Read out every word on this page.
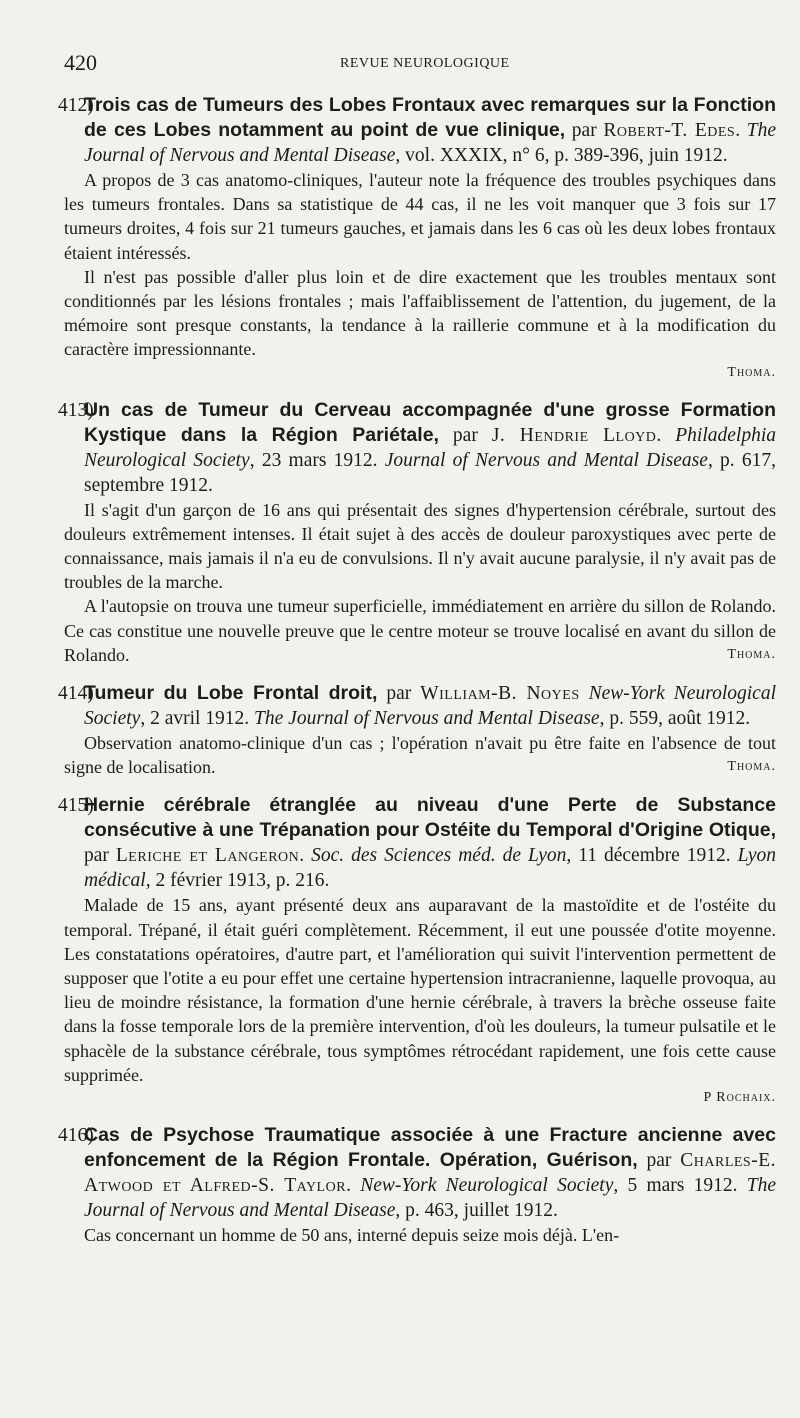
420	REVUE NEUROLOGIQUE

412)
Trois cas de Tumeurs des Lobes Frontaux avec remarques sur la Fonction de ces Lobes notamment au point de vue clinique, par Robert-T. Edes. The Journal of Nervous and Mental Disease, vol. XXXIX, n° 6, p. 389-396, juin 1912.

A propos de 3 cas anatomo-cliniques, l'auteur note la fréquence des troubles psychiques dans les tumeurs frontales. Dans sa statistique de 44 cas, il ne les voit manquer que 3 fois sur 17 tumeurs droites, 4 fois sur 21 tumeurs gauches, et jamais dans les 6 cas où les deux lobes frontaux étaient intéressés.

Il n'est pas possible d'aller plus loin et de dire exactement que les troubles mentaux sont conditionnés par les lésions frontales ; mais l'affaiblissement de l'attention, du jugement, de la mémoire sont presque constants, la tendance à la raillerie commune et à la modification du caractère impressionnante.

Thoma.

413)
Un cas de Tumeur du Cerveau accompagnée d'une grosse Formation Kystique dans la Région Pariétale, par J. Hendrie Lloyd. Philadelphia Neurological Society, 23 mars 1912. Journal of Nervous and Mental Disease, p. 617, septembre 1912.

Il s'agit d'un garçon de 16 ans qui présentait des signes d'hypertension cérébrale, surtout des douleurs extrêmement intenses. Il était sujet à des accès de douleur paroxystiques avec perte de connaissance, mais jamais il n'a eu de convulsions. Il n'y avait aucune paralysie, il n'y avait pas de troubles de la marche.

A l'autopsie on trouva une tumeur superficielle, immédiatement en arrière du sillon de Rolando. Ce cas constitue une nouvelle preuve que le centre moteur se trouve localisé en avant du sillon de Rolando.	Thoma.

414)
Tumeur du Lobe Frontal droit, par William-B. Noyes New-York Neurological Society, 2 avril 1912. The Journal of Nervous and Mental Disease, p. 559, août 1912.

Observation anatomo-clinique d'un cas ; l'opération n'avait pu être faite en l'absence de tout signe de localisation.	Thoma.

415)
Hernie cérébrale étranglée au niveau d'une Perte de Substance consécutive à une Trépanation pour Ostéite du Temporal d'Origine Otique, par Leriche et Langeron. Soc. des Sciences méd. de Lyon, 11 décembre 1912. Lyon médical, 2 février 1913, p. 216.

Malade de 15 ans, ayant présenté deux ans auparavant de la mastoïdite et de l'ostéite du temporal. Trépané, il était guéri complètement. Récemment, il eut une poussée d'otite moyenne. Les constatations opératoires, d'autre part, et l'amélioration qui suivit l'intervention permettent de supposer que l'otite a eu pour effet une certaine hypertension intracranienne, laquelle provoqua, au lieu de moindre résistance, la formation d'une hernie cérébrale, à travers la brèche osseuse faite dans la fosse temporale lors de la première intervention, d'où les douleurs, la tumeur pulsatile et le sphacèle de la substance cérébrale, tous symptômes rétrocédant rapidement, une fois cette cause supprimée.

P Rochaix.

416)
Cas de Psychose Traumatique associée à une Fracture ancienne avec enfoncement de la Région Frontale. Opération, Guérison, par Charles-E. Atwood et Alfred-S. Taylor. New-York Neurological Society, 5 mars 1912. The Journal of Nervous and Mental Disease, p. 463, juillet 1912.

Cas concernant un homme de 50 ans, interné depuis seize mois déjà. L'en-
